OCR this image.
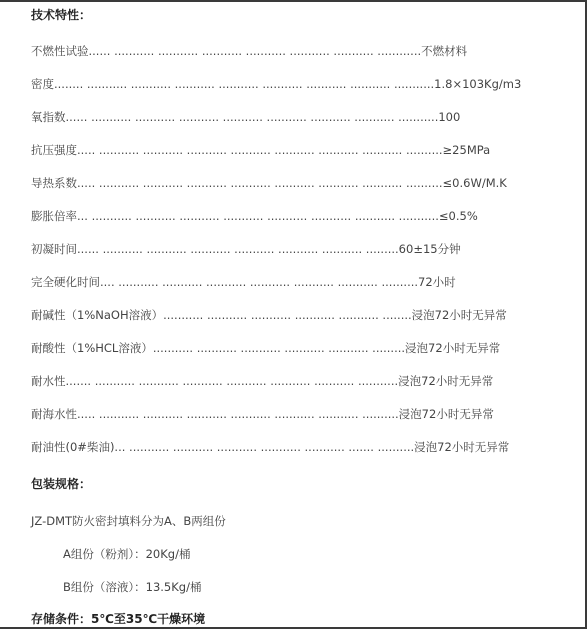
技术特性：
不燃性试验...... ........... ........... ........... ........... ........... ........... ............不燃材料
密度........ ........... ........... ........... ........... ........... ........... ........... ...........1.8×103Kg/m3
氧指数...... ........... ........... ........... ........... ........... ........... ........... ...........100
抗压强度..... ........... ........... ........... ........... ........... ........... ........... ..........≥25MPa
导热系数..... ........... ........... ........... ........... ........... ........... ........... ..........≤0.6W/M.K
膨胀倍率... ........... ........... ........... ........... ........... ........... ........... ...........≤0.5%
初凝时间...... ........... ........... ........... ........... ........... ........... .........60±15分钟
完全硬化时间.... ........... ........... ........... ........... ........... ........... ..........72小时
耐碱性（1%NaOH溶液）........... ........... ........... ........... ........... ........浸泡72小时无异常
耐酸性（1%HCL溶液）........... ........... ........... ........... ........... .........浸泡72小时无异常
耐水性....... ........... ........... ........... ........... ........... ........... ...........浸泡72小时无异常
耐海水性..... ........... ........... ........... ........... ........... ........... ..........浸泡72小时无异常
耐油性(0#柴油)... ........... ........... ........... ........... ........... ....... ..........浸泡72小时无异常
包装规格：
JZ-DMT防火密封填料分为A、B两组份
A组份（粉剂）：20Kg/桶
B组份（溶液）：13.5Kg/桶
存储条件：5℃至35℃干燥环境
